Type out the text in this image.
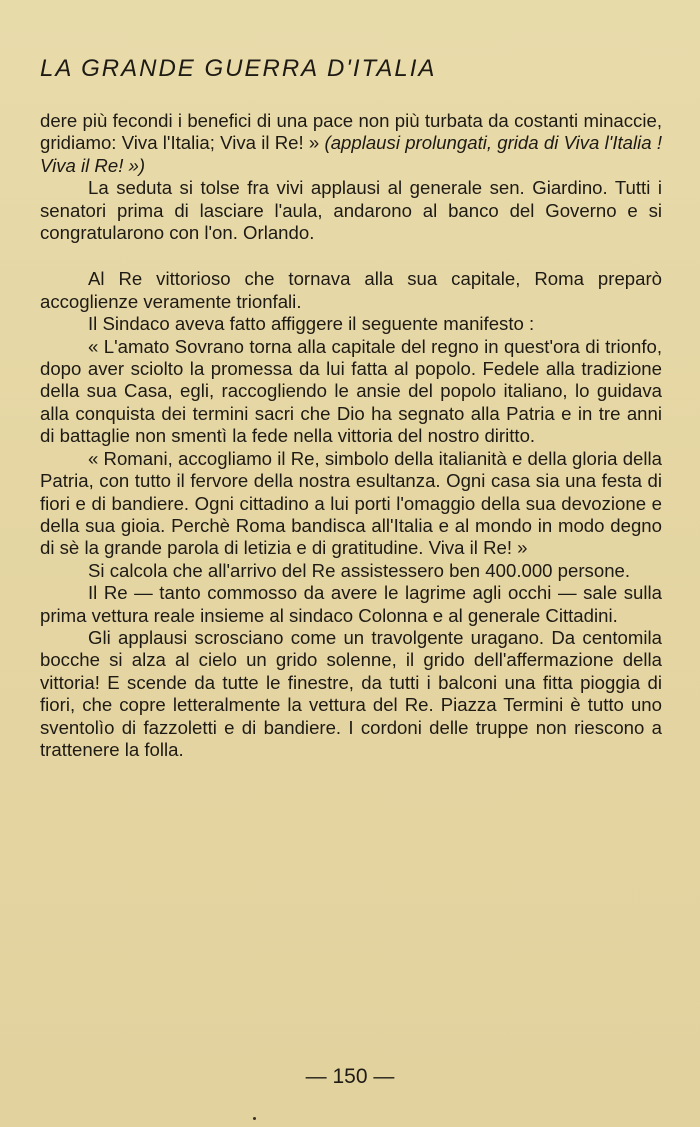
LA GRANDE GUERRA D'ITALIA

dere più fecondi i benefici di una pace non più turbata da costanti minaccie, gridiamo: Viva l'Italia; Viva il Re! » (applausi prolungati, grida di Viva l'Italia ! Viva il Re! »)

La seduta si tolse fra vivi applausi al generale sen. Giardino. Tutti i senatori prima di lasciare l'aula, andarono al banco del Governo e si congratularono con l'on. Orlando.

Al Re vittorioso che tornava alla sua capitale, Roma preparò accoglienze veramente trionfali.

Il Sindaco aveva fatto affiggere il seguente manifesto :

« L'amato Sovrano torna alla capitale del regno in quest'ora di trionfo, dopo aver sciolto la promessa da lui fatta al popolo. Fedele alla tradizione della sua Casa, egli, raccogliendo le ansie del popolo italiano, lo guidava alla conquista dei termini sacri che Dio ha segnato alla Patria e in tre anni di battaglie non smentì la fede nella vittoria del nostro diritto.

« Romani, accogliamo il Re, simbolo della italianità e della gloria della Patria, con tutto il fervore della nostra esultanza. Ogni casa sia una festa di fiori e di bandiere. Ogni cittadino a lui porti l'omaggio della sua devozione e della sua gioia. Perchè Roma bandisca all'Italia e al mondo in modo degno di sè la grande parola di letizia e di gratitudine. Viva il Re! »

Si calcola che all'arrivo del Re assistessero ben 400.000 persone.

Il Re — tanto commosso da avere le lagrime agli occhi — sale sulla prima vettura reale insieme al sindaco Colonna e al generale Cittadini.

Gli applausi scrosciano come un travolgente uragano. Da centomila bocche si alza al cielo un grido solenne, il grido dell'affermazione della vittoria! E scende da tutte le finestre, da tutti i balconi una fitta pioggia di fiori, che copre letteralmente la vettura del Re. Piazza Termini è tutto uno sventolìo di fazzoletti e di bandiere. I cordoni delle truppe non riescono a trattenere la folla.

— 150 —
